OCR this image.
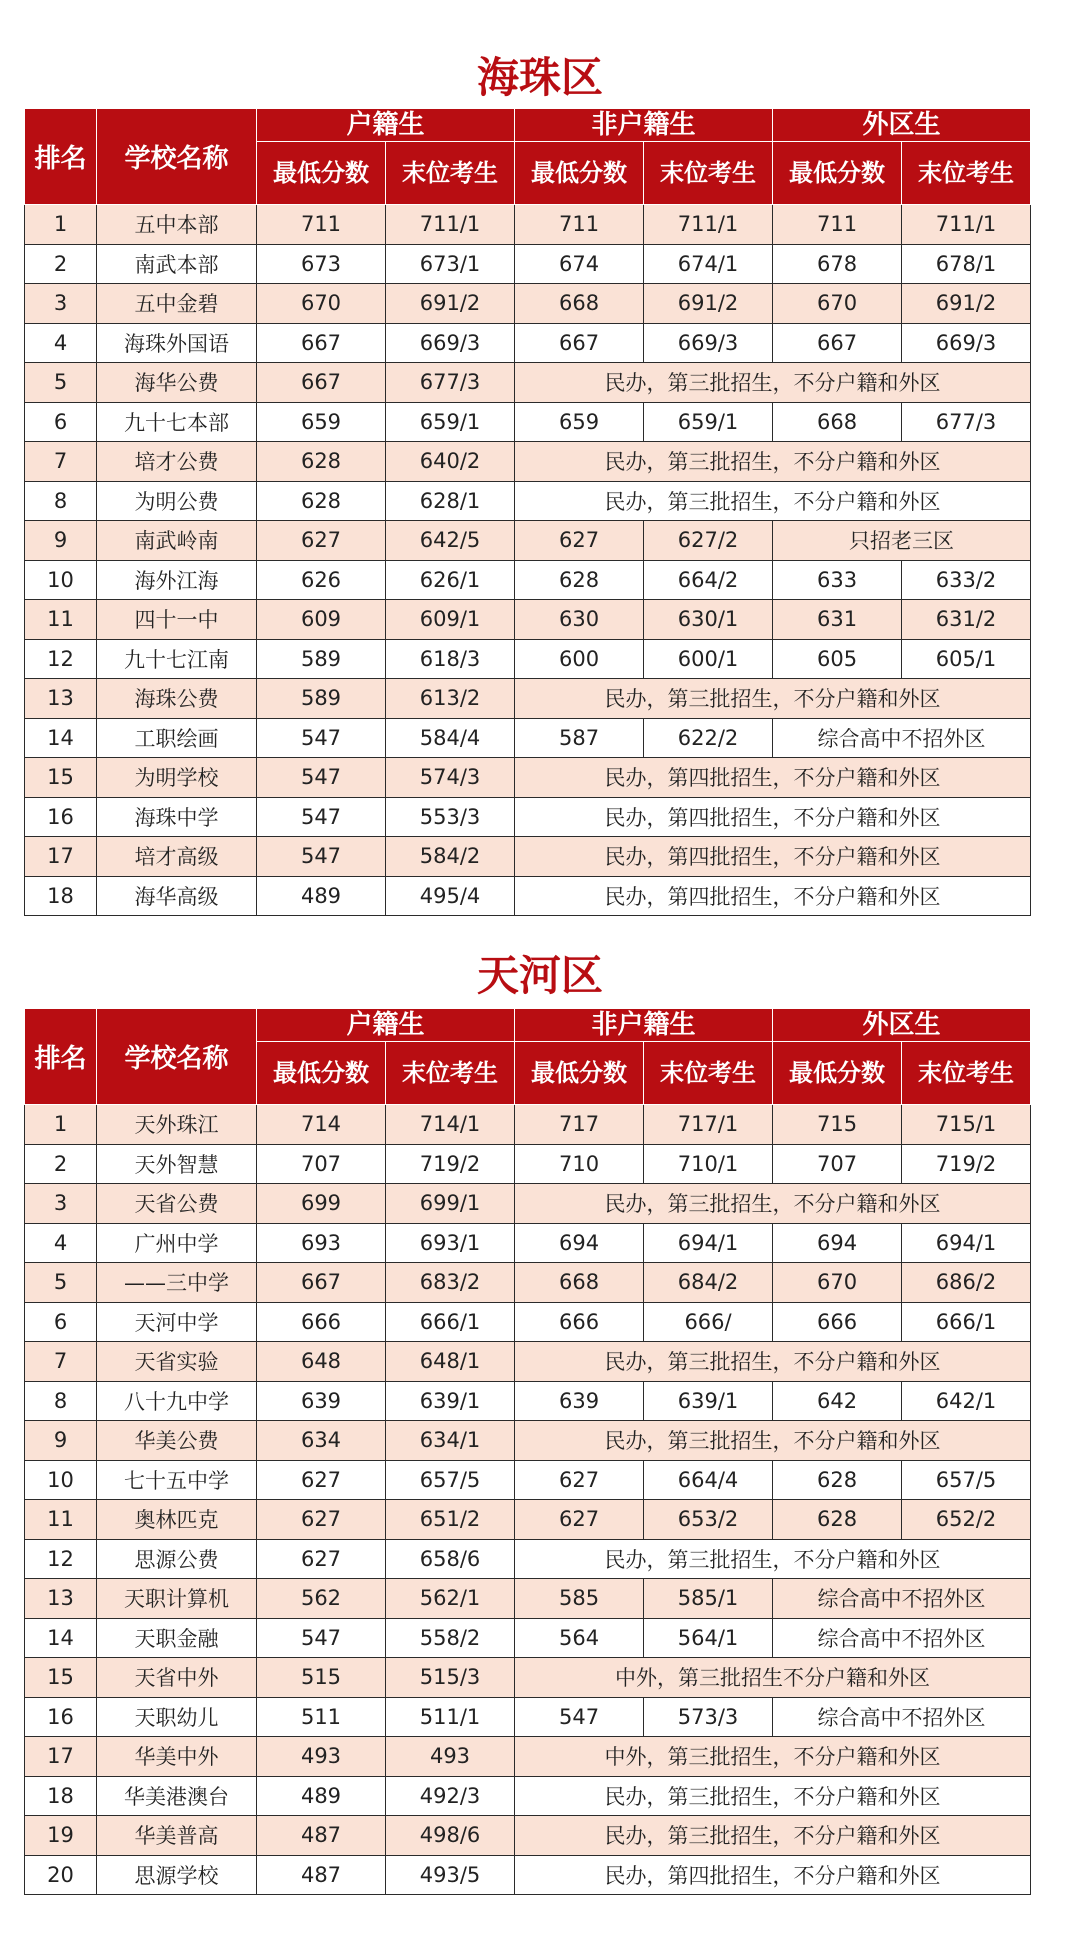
海珠区
排名	学校名称	户籍生		非户籍生		外区生	
		最低分数	末位考生	最低分数	末位考生	最低分数	末位考生
1	五中本部	711	711/1	711	711/1	711	711/1
2	南武本部	673	673/1	674	674/1	678	678/1
3	五中金碧	670	691/2	668	691/2	670	691/2
4	海珠外国语	667	669/3	667	669/3	667	669/3
5	海华公费	667	677/3	民办，第三批招生，不分户籍和外区			
6	九十七本部	659	659/1	659	659/1	668	677/3
7	培才公费	628	640/2	民办，第三批招生，不分户籍和外区			
8	为明公费	628	628/1	民办，第三批招生，不分户籍和外区			
9	南武岭南	627	642/5	627	627/2	只招老三区	
10	海外江海	626	626/1	628	664/2	633	633/2
11	四十一中	609	609/1	630	630/1	631	631/2
12	九十七江南	589	618/3	600	600/1	605	605/1
13	海珠公费	589	613/2	民办，第三批招生，不分户籍和外区			
14	工职绘画	547	584/4	587	622/2	综合高中不招外区	
15	为明学校	547	574/3	民办，第四批招生，不分户籍和外区			
16	海珠中学	547	553/3	民办，第四批招生，不分户籍和外区			
17	培才高级	547	584/2	民办，第四批招生，不分户籍和外区			
18	海华高级	489	495/4	民办，第四批招生，不分户籍和外区			
天河区
排名	学校名称	户籍生		非户籍生		外区生	
		最低分数	末位考生	最低分数	末位考生	最低分数	末位考生
1	天外珠江	714	714/1	717	717/1	715	715/1
2	天外智慧	707	719/2	710	710/1	707	719/2
3	天省公费	699	699/1	民办，第三批招生，不分户籍和外区			
4	广州中学	693	693/1	694	694/1	694	694/1
5	——三中学	667	683/2	668	684/2	670	686/2
6	天河中学	666	666/1	666	666/	666	666/1
7	天省实验	648	648/1	民办，第三批招生，不分户籍和外区			
8	八十九中学	639	639/1	639	639/1	642	642/1
9	华美公费	634	634/1	民办，第三批招生，不分户籍和外区			
10	七十五中学	627	657/5	627	664/4	628	657/5
11	奥林匹克	627	651/2	627	653/2	628	652/2
12	思源公费	627	658/6	民办，第三批招生，不分户籍和外区			
13	天职计算机	562	562/1	585	585/1	综合高中不招外区	
14	天职金融	547	558/2	564	564/1	综合高中不招外区	
15	天省中外	515	515/3	中外，第三批招生不分户籍和外区			
16	天职幼儿	511	511/1	547	573/3	综合高中不招外区	
17	华美中外	493	493	中外，第三批招生，不分户籍和外区			
18	华美港澳台	489	492/3	民办，第三批招生，不分户籍和外区			
19	华美普高	487	498/6	民办，第三批招生，不分户籍和外区			
20	思源学校	487	493/5	民办，第四批招生，不分户籍和外区			
